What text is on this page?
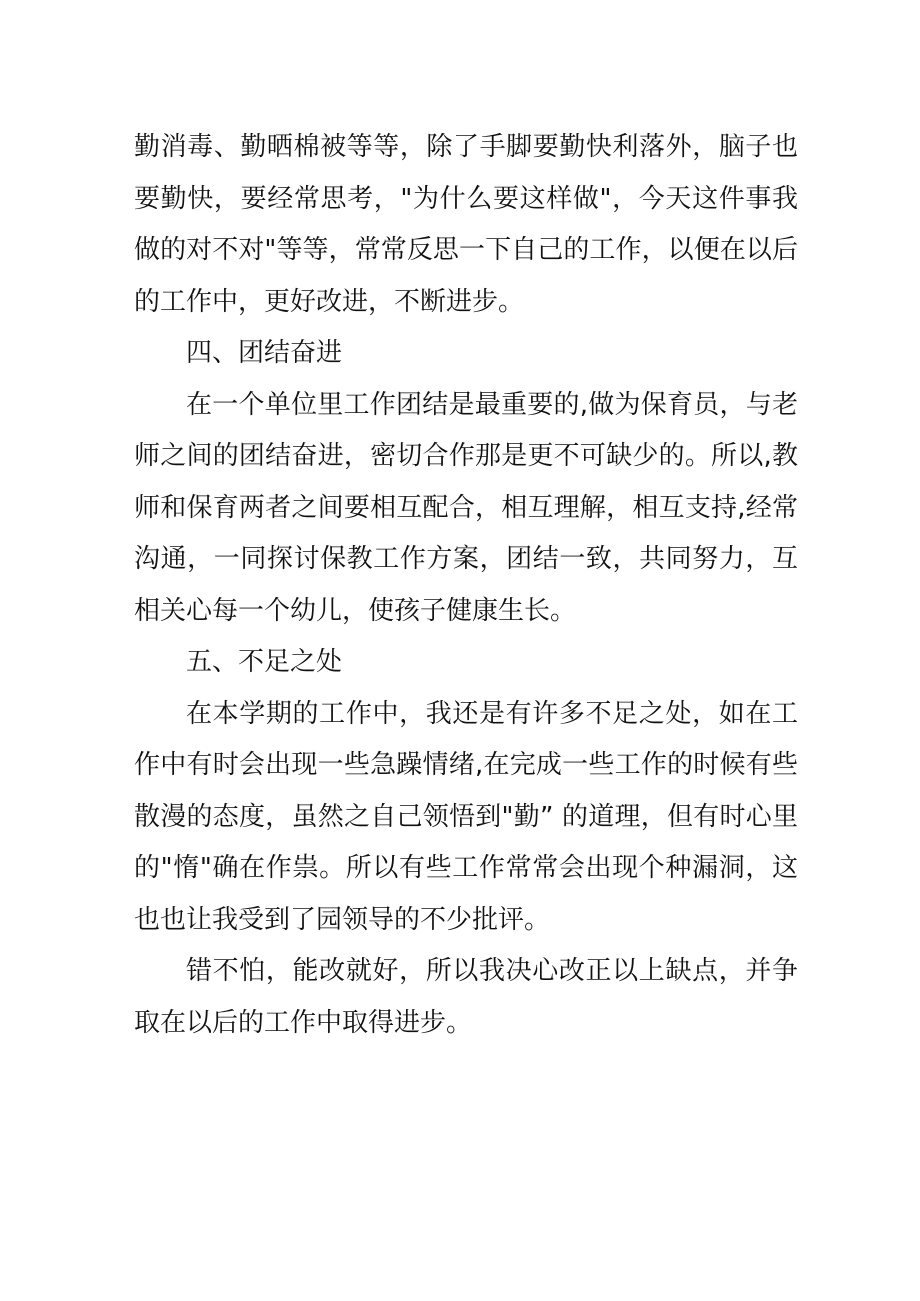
勤消毒、勤晒棉被等等，除了手脚要勤快利落外，脑子也要勤快，要经常思考，"为什么要这样做"，今天这件事我做的对不对"等等，常常反思一下自己的工作，以便在以后的工作中，更好改进，不断进步。

四、团结奋进

在一个单位里工作团结是最重要的,做为保育员，与老师之间的团结奋进，密切合作那是更不可缺少的。所以,教师和保育两者之间要相互配合，相互理解，相互支持,经常沟通，一同探讨保教工作方案，团结一致，共同努力，互相关心每一个幼儿，使孩子健康生长。

五、不足之处

在本学期的工作中，我还是有许多不足之处，如在工作中有时会出现一些急躁情绪,在完成一些工作的时候有些散漫的态度，虽然之自己领悟到"勤” 的道理，但有时心里的"惰"确在作祟。所以有些工作常常会出现个种漏洞，这也也让我受到了园领导的不少批评。

错不怕，能改就好，所以我决心改正以上缺点，并争取在以后的工作中取得进步。
